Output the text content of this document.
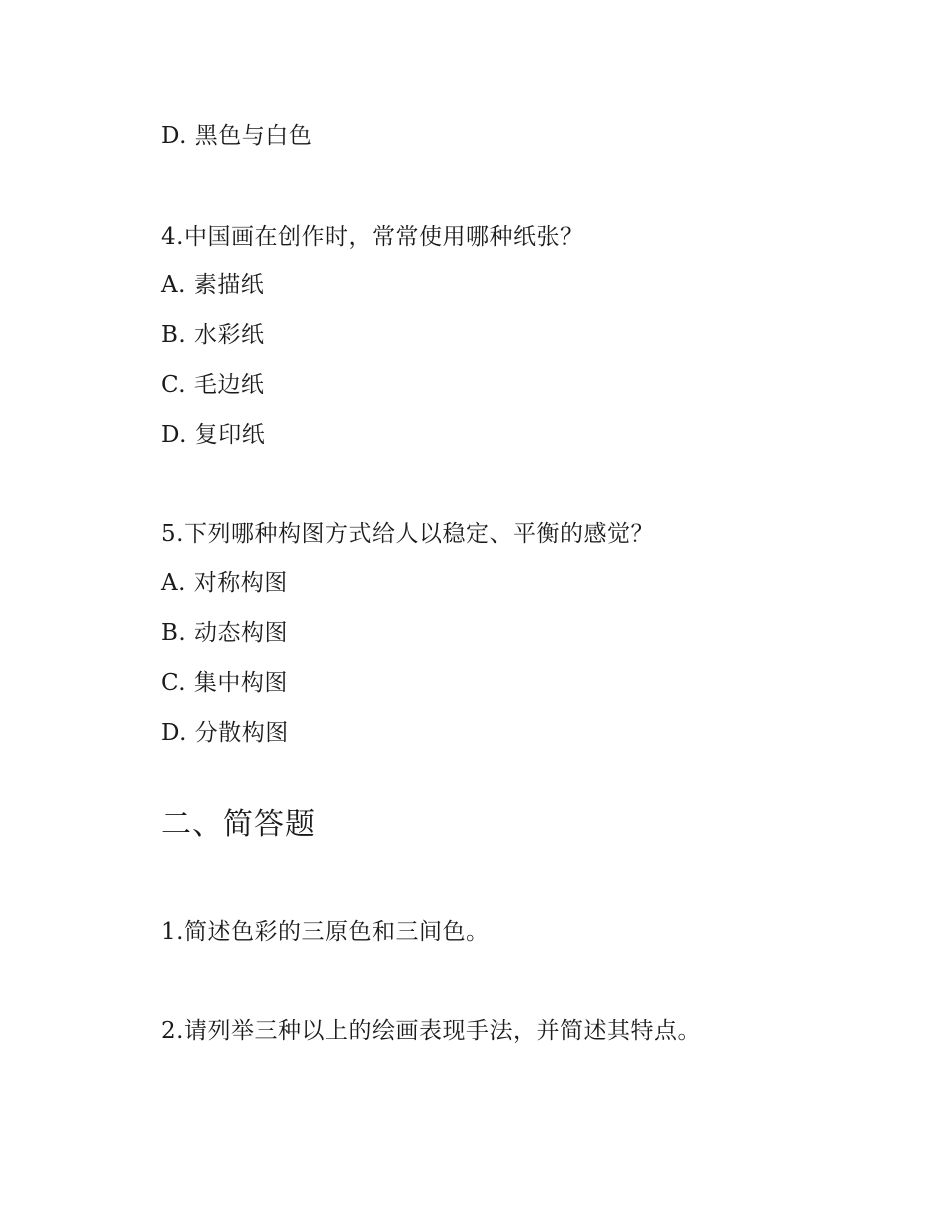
D. 黑色与白色
4.中国画在创作时，常常使用哪种纸张？
A. 素描纸
B. 水彩纸
C. 毛边纸
D. 复印纸
5.下列哪种构图方式给人以稳定、平衡的感觉？
A. 对称构图
B. 动态构图
C. 集中构图
D. 分散构图
二、简答题
1.简述色彩的三原色和三间色。
2.请列举三种以上的绘画表现手法，并简述其特点。
